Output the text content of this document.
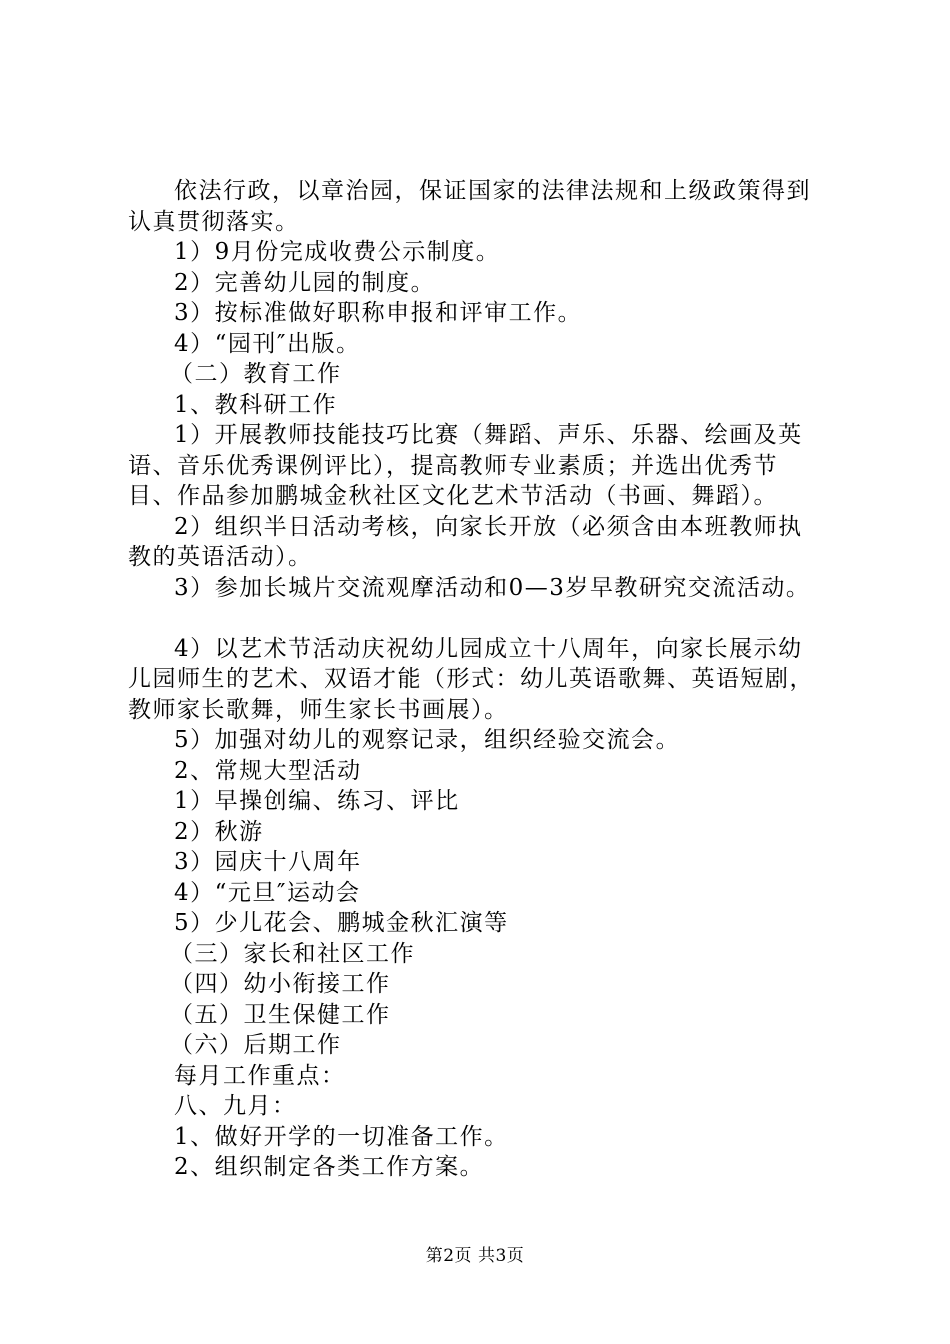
依法行政，以章治园，保证国家的法律法规和上级政策得到
认真贯彻落实。
1）9月份完成收费公示制度。
2）完善幼儿园的制度。
3）按标准做好职称申报和评审工作。
4）“园刊″出版。
（二）教育工作
1、教科研工作
1）开展教师技能技巧比赛（舞蹈、声乐、乐器、绘画及英
语、音乐优秀课例评比），提高教师专业素质；并选出优秀节
目、作品参加鹏城金秋社区文化艺术节活动（书画、舞蹈）。
2）组织半日活动考核，向家长开放（必须含由本班教师执
教的英语活动）。
3）参加长城片交流观摩活动和0—3岁早教研究交流活动。
4）以艺术节活动庆祝幼儿园成立十八周年，向家长展示幼
儿园师生的艺术、双语才能（形式：幼儿英语歌舞、英语短剧，
教师家长歌舞，师生家长书画展）。
5）加强对幼儿的观察记录，组织经验交流会。
2、常规大型活动
1）早操创编、练习、评比
2）秋游
3）园庆十八周年
4）“元旦″运动会
5）少儿花会、鹏城金秋汇演等
（三）家长和社区工作
（四）幼小衔接工作
（五）卫生保健工作
（六）后期工作
每月工作重点：
八、九月：
1、做好开学的一切准备工作。
2、组织制定各类工作方案。
第2页 共3页
